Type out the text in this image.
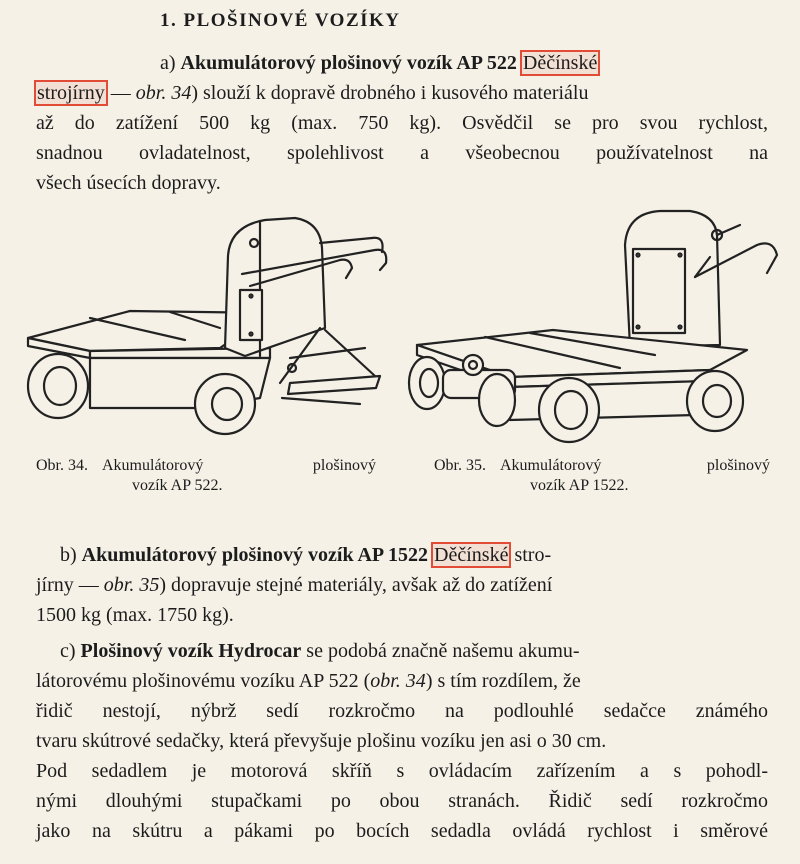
1. PLOŠINOVÉ VOZÍKY
a) Akumulátorový plošinový vozík AP 522 Děčínské
strojírny — obr. 34) slouží k dopravě drobného i kusového materiálu
až do zatížení 500 kg (max. 750 kg). Osvědčil se pro svou rychlost,
snadnou ovladatelnost, spolehlivost a všeobecnou používatelnost na
všech úsecích dopravy.
Obr. 34. Akumulátorový plošinový
vozík AP 522.
Obr. 35. Akumulátorový plošinový
vozík AP 1522.
b) Akumulátorový plošinový vozík AP 1522 Děčínské stro-
jírny — obr. 35) dopravuje stejné materiály, avšak až do zatížení
1500 kg (max. 1750 kg).
c) Plošinový vozík Hydrocar se podobá značně našemu akumu-
látorovému plošinovému vozíku AP 522 (obr. 34) s tím rozdílem, že
řidič nestojí, nýbrž sedí rozkročmo na podlouhlé sedačce známého
tvaru skútrové sedačky, která převyšuje plošinu vozíku jen asi o 30 cm.
Pod sedadlem je motorová skříň s ovládacím zařízením a s pohodl-
nými dlouhými stupačkami po obou stranách. Řidič sedí rozkročmo
jako na skútru a pákami po bocích sedadla ovládá rychlost i směrové
